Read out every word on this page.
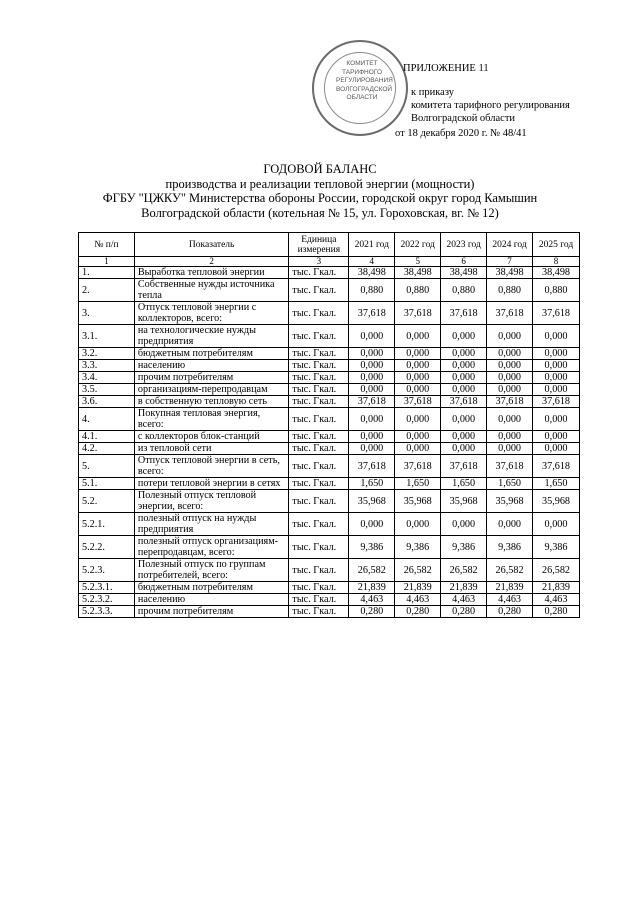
КОМИТЕТ ТАРИФНОГО РЕГУЛИРОВАНИЯ ВОЛГОГРАДСКОЙ ОБЛАСТИ
ПРИЛОЖЕНИЕ 11
к приказу
комитета тарифного регулирования
Волгоградской области
от 18 декабря 2020 г. № 48/41
ГОДОВОЙ БАЛАНС
производства и реализации тепловой энергии (мощности)
ФГБУ "ЦЖКУ" Министерства обороны России, городской округ город Камышин
Волгоградской области (котельная № 15, ул. Гороховская, вг. № 12)
№ п/п	Показатель	Единица измерения	2021 год	2022 год	2023 год	2024 год	2025 год
1	2	3	4	5	6	7	8
1.	Выработка тепловой энергии	тыс. Гкал.	38,498	38,498	38,498	38,498	38,498
2.	Собственные нужды источника тепла	тыс. Гкал.	0,880	0,880	0,880	0,880	0,880
3.	Отпуск тепловой энергии с коллекторов, всего:	тыс. Гкал.	37,618	37,618	37,618	37,618	37,618
3.1.	на технологические нужды предприятия	тыс. Гкал.	0,000	0,000	0,000	0,000	0,000
3.2.	бюджетным потребителям	тыс. Гкал.	0,000	0,000	0,000	0,000	0,000
3.3.	населению	тыс. Гкал.	0,000	0,000	0,000	0,000	0,000
3.4.	прочим потребителям	тыс. Гкал.	0,000	0,000	0,000	0,000	0,000
3.5.	организациям-перепродавцам	тыс. Гкал.	0,000	0,000	0,000	0,000	0,000
3.6.	в собственную тепловую сеть	тыс. Гкал.	37,618	37,618	37,618	37,618	37,618
4.	Покупная тепловая энергия, всего:	тыс. Гкал.	0,000	0,000	0,000	0,000	0,000
4.1.	с коллекторов блок-станций	тыс. Гкал.	0,000	0,000	0,000	0,000	0,000
4.2.	из тепловой сети	тыс. Гкал.	0,000	0,000	0,000	0,000	0,000
5.	Отпуск тепловой энергии в сеть, всего:	тыс. Гкал.	37,618	37,618	37,618	37,618	37,618
5.1.	потери тепловой энергии в сетях	тыс. Гкал.	1,650	1,650	1,650	1,650	1,650
5.2.	Полезный отпуск тепловой энергии, всего:	тыс. Гкал.	35,968	35,968	35,968	35,968	35,968
5.2.1.	полезный отпуск на нужды предприятия	тыс. Гкал.	0,000	0,000	0,000	0,000	0,000
5.2.2.	полезный отпуск организациям-перепродавцам, всего:	тыс. Гкал.	9,386	9,386	9,386	9,386	9,386
5.2.3.	Полезный отпуск по группам потребителей, всего:	тыс. Гкал.	26,582	26,582	26,582	26,582	26,582
5.2.3.1.	бюджетным потребителям	тыс. Гкал.	21,839	21,839	21,839	21,839	21,839
5.2.3.2.	населению	тыс. Гкал.	4,463	4,463	4,463	4,463	4,463
5.2.3.3.	прочим потребителям	тыс. Гкал.	0,280	0,280	0,280	0,280	0,280
